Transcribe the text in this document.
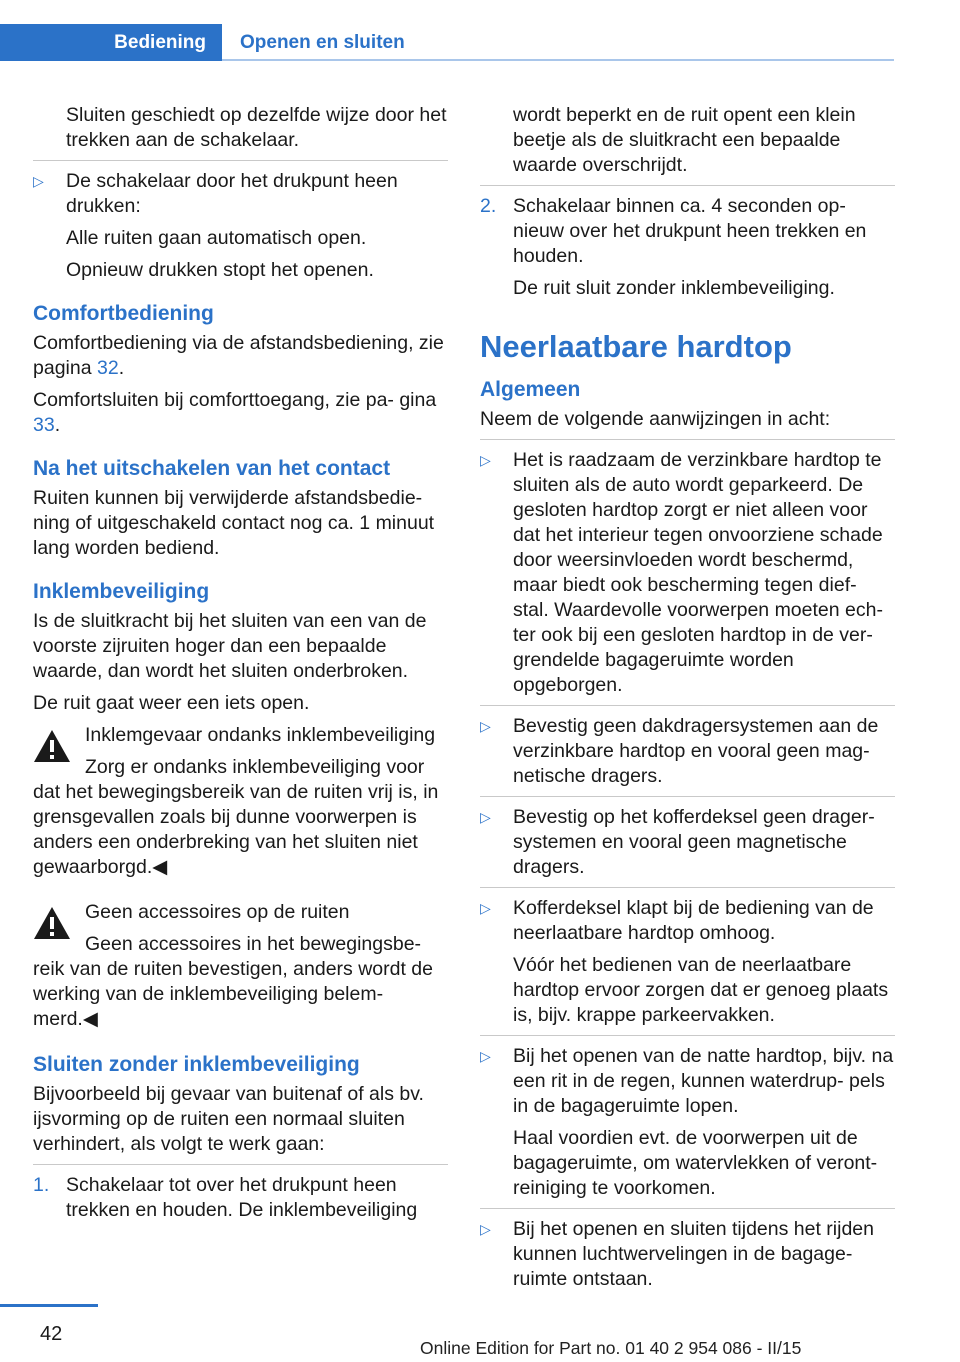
Bediening	Openen en sluiten

Sluiten geschiedt op dezelfde wijze door het trekken aan de schakelaar.

▷ De schakelaar door het drukpunt heen drukken:

Alle ruiten gaan automatisch open.

Opnieuw drukken stopt het openen.

Comfortbediening

Comfortbediening via de afstandsbediening, zie pagina 32.

Comfortsluiten bij comforttoegang, zie pa‐ gina 33.

Na het uitschakelen van het contact

Ruiten kunnen bij verwijderde afstandsbedie‐ ning of uitgeschakeld contact nog ca. 1 minuut lang worden bediend.

Inklembeveiliging

Is de sluitkracht bij het sluiten van een van de voorste zijruiten hoger dan een bepaalde waarde, dan wordt het sluiten onderbroken.

De ruit gaat weer een iets open.

Inklemgevaar ondanks inklembeveiliging

Zorg er ondanks inklembeveiliging voor dat het bewegingsbereik van de ruiten vrij is, in grensgevallen zoals bij dunne voorwerpen is anders een onderbreking van het sluiten niet gewaarborgd.◀

Geen accessoires op de ruiten

Geen accessoires in het bewegingsbe‐ reik van de ruiten bevestigen, anders wordt de werking van de inklembeveiliging belem‐ merd.◀
Sluiten zonder inklembeveiliging

Bijvoorbeeld bij gevaar van buitenaf of als bv. ijsvorming op de ruiten een normaal sluiten verhindert, als volgt te werk gaan:

1. Schakelaar tot over het drukpunt heen trekken en houden. De inklembeveiliging

wordt beperkt en de ruit opent een klein beetje als de sluitkracht een bepaalde waarde overschrijdt.

2. Schakelaar binnen ca. 4 seconden op‐ nieuw over het drukpunt heen trekken en houden.

De ruit sluit zonder inklembeveiliging.

Neerlaatbare hardtop
Algemeen

Neem de volgende aanwijzingen in acht:

▷ Het is raadzaam de verzinkbare hardtop te sluiten als de auto wordt geparkeerd. De gesloten hardtop zorgt er niet alleen voor dat het interieur tegen onvoorziene schade door weersinvloeden wordt beschermd, maar biedt ook bescherming tegen dief‐ stal. Waardevolle voorwerpen moeten ech‐ ter ook bij een gesloten hardtop in de ver‐ grendelde bagageruimte worden opgeborgen.

▷ Bevestig geen dakdragersystemen aan de verzinkbare hardtop en vooral geen mag‐ netische dragers.

▷ Bevestig op het kofferdeksel geen drager‐ systemen en vooral geen magnetische dragers.

▷ Kofferdeksel klapt bij de bediening van de neerlaatbare hardtop omhoog.

Vóór het bedienen van de neerlaatbare hardtop ervoor zorgen dat er genoeg plaats is, bijv. krappe parkeervakken.

▷ Bij het openen van de natte hardtop, bijv. na een rit in de regen, kunnen waterdrup‐ pels in de bagageruimte lopen.

Haal voordien evt. de voorwerpen uit de bagageruimte, om watervlekken of veront‐ reiniging te voorkomen.

▷ Bij het openen en sluiten tijdens het rijden kunnen luchtwervelingen in de bagage‐ ruimte ontstaan.

42
Online Edition for Part no. 01 40 2 954 086 - II/15
